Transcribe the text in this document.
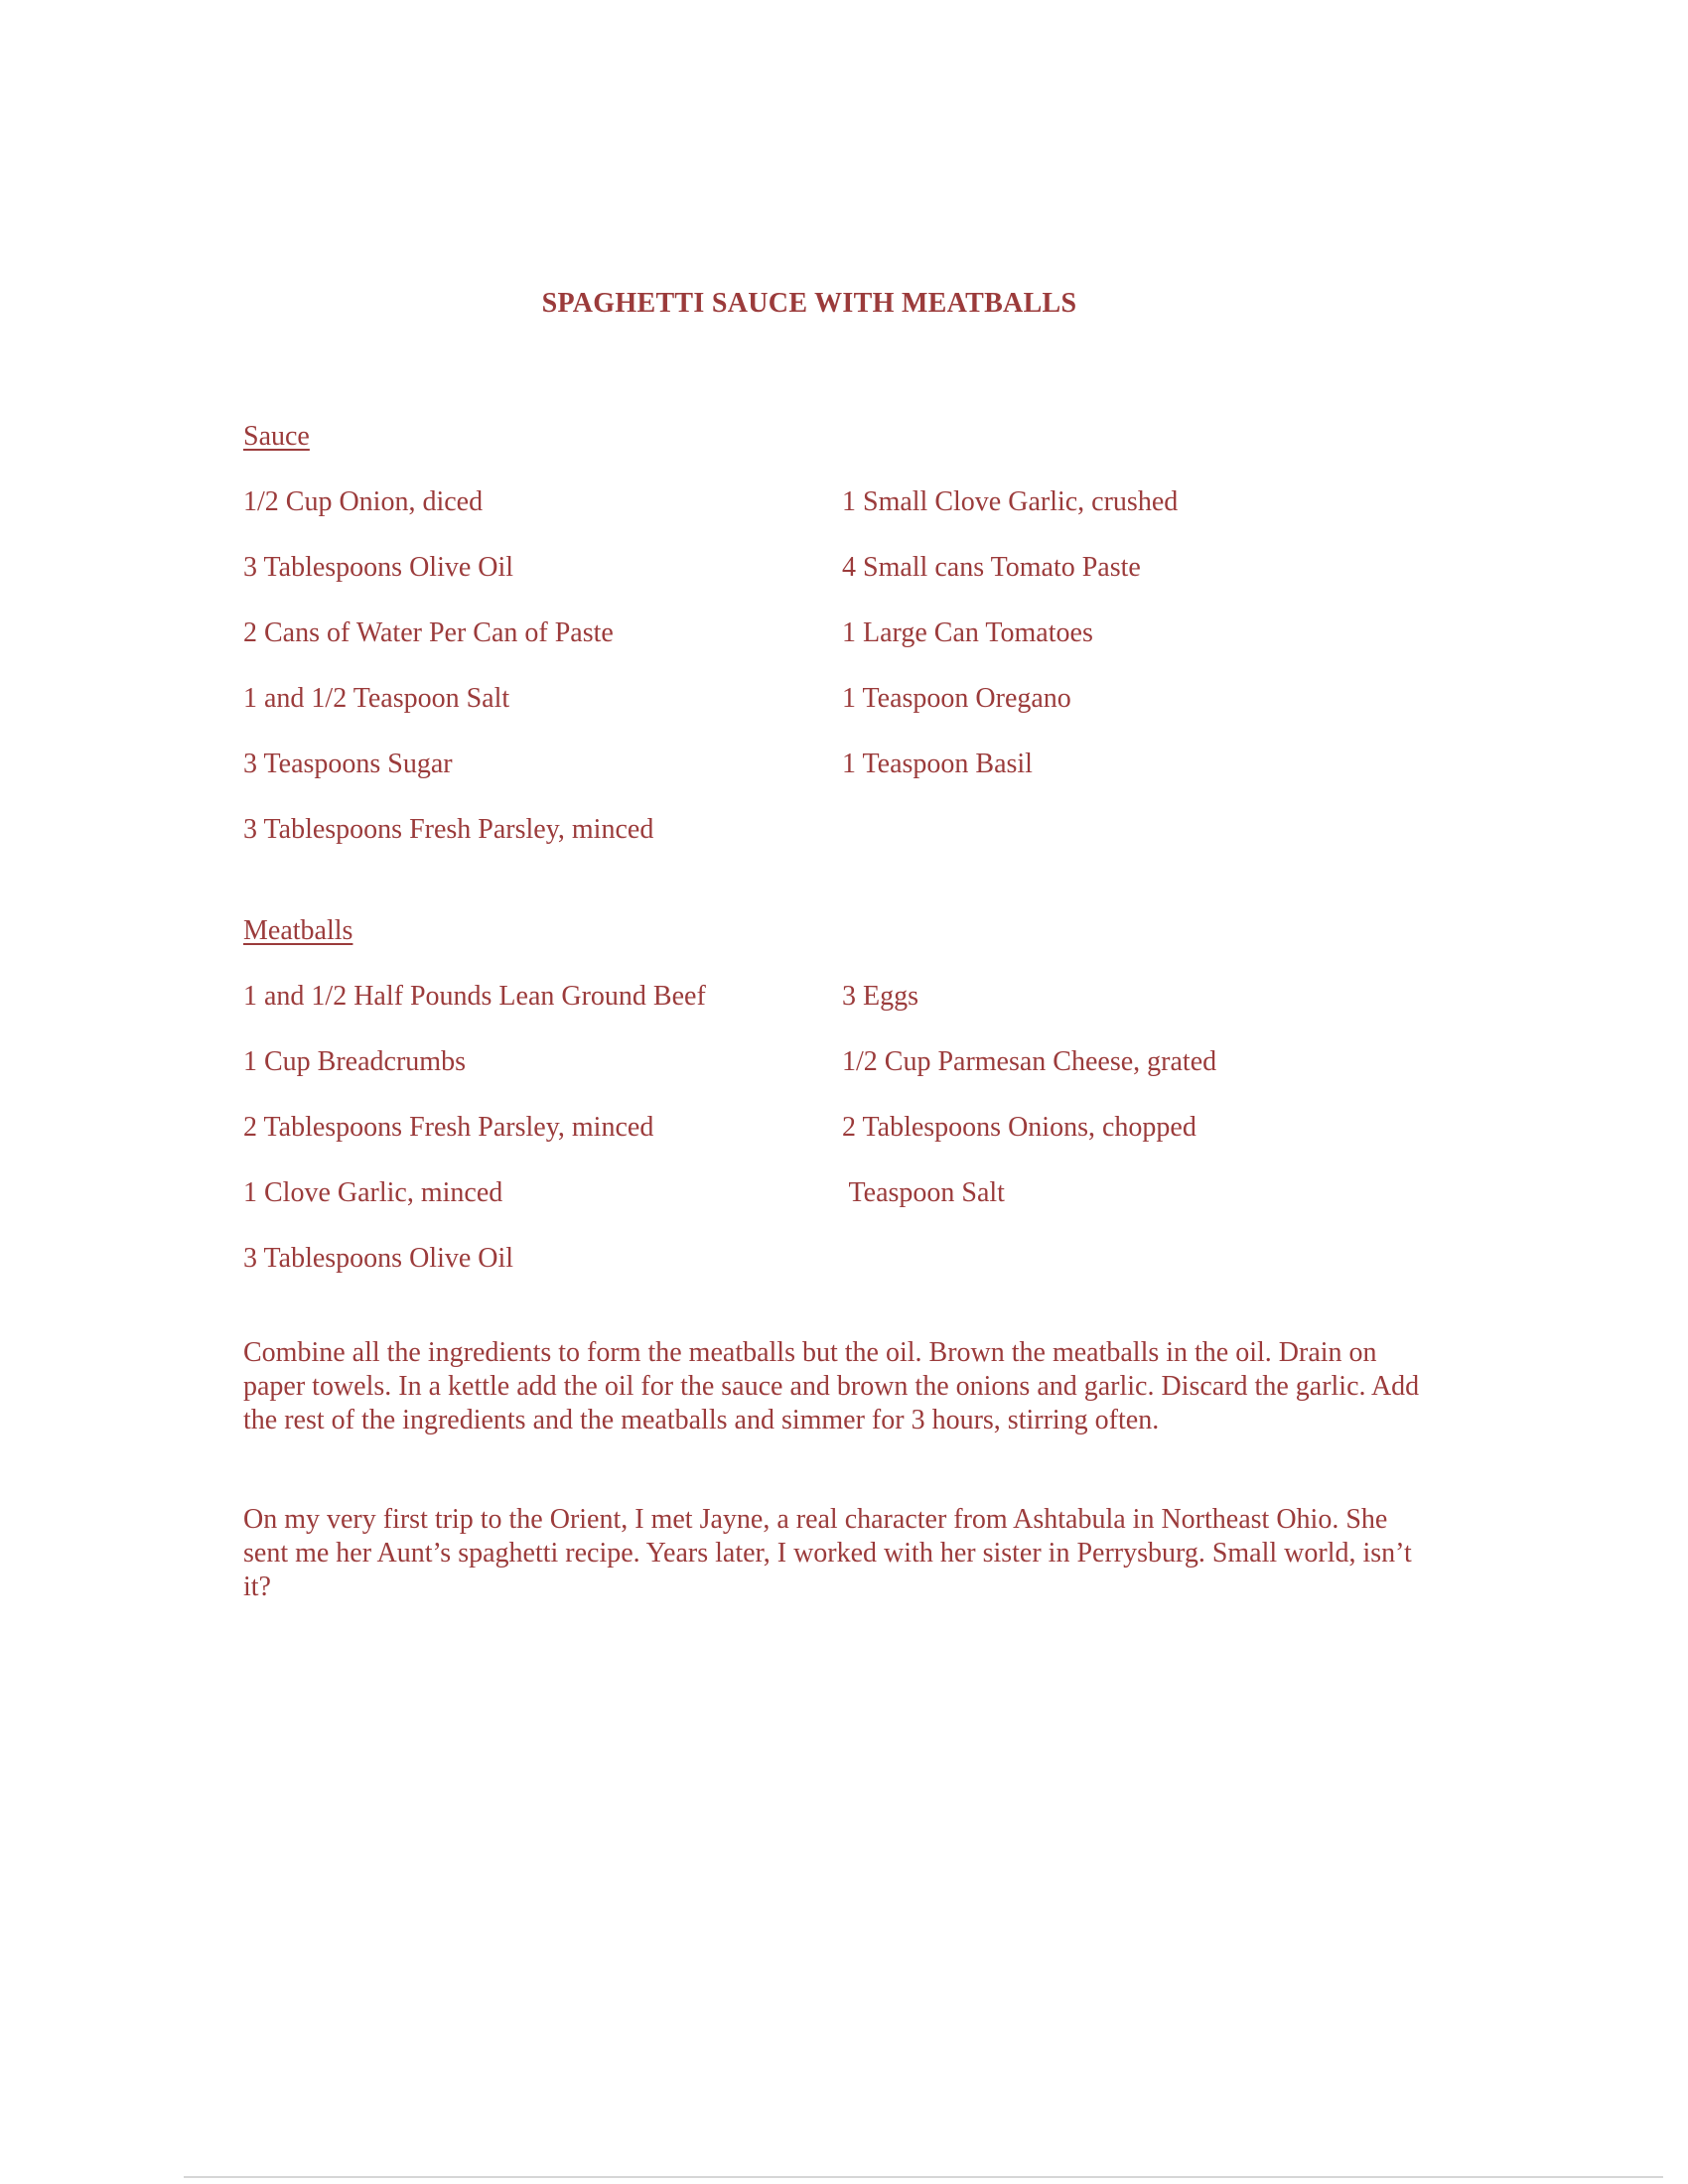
SPAGHETTI SAUCE WITH MEATBALLS
Sauce
1/2 Cup Onion, diced
3 Tablespoons Olive Oil
2 Cans of Water Per Can of Paste
1 and 1/2 Teaspoon Salt
3 Teaspoons Sugar
3 Tablespoons Fresh Parsley, minced
1 Small Clove Garlic, crushed
4 Small cans Tomato Paste
1 Large Can Tomatoes
1 Teaspoon Oregano
1 Teaspoon Basil
Meatballs
1 and 1/2 Half Pounds Lean Ground Beef
1 Cup Breadcrumbs
2 Tablespoons Fresh Parsley, minced
1 Clove Garlic, minced
3 Tablespoons Olive Oil
3 Eggs
1/2 Cup Parmesan Cheese, grated
2 Tablespoons Onions, chopped
Teaspoon Salt
Combine all the ingredients to form the meatballs but the oil. Brown the meatballs in the oil. Drain on paper towels. In a kettle add the oil for the sauce and brown the onions and garlic. Discard the garlic. Add the rest of the ingredients and the meatballs and simmer for 3 hours, stirring often.
On my very first trip to the Orient, I met Jayne, a real character from Ashtabula in Northeast Ohio. She sent me her Aunt’s spaghetti recipe. Years later, I worked with her sister in Perrysburg. Small world, isn’t it?
